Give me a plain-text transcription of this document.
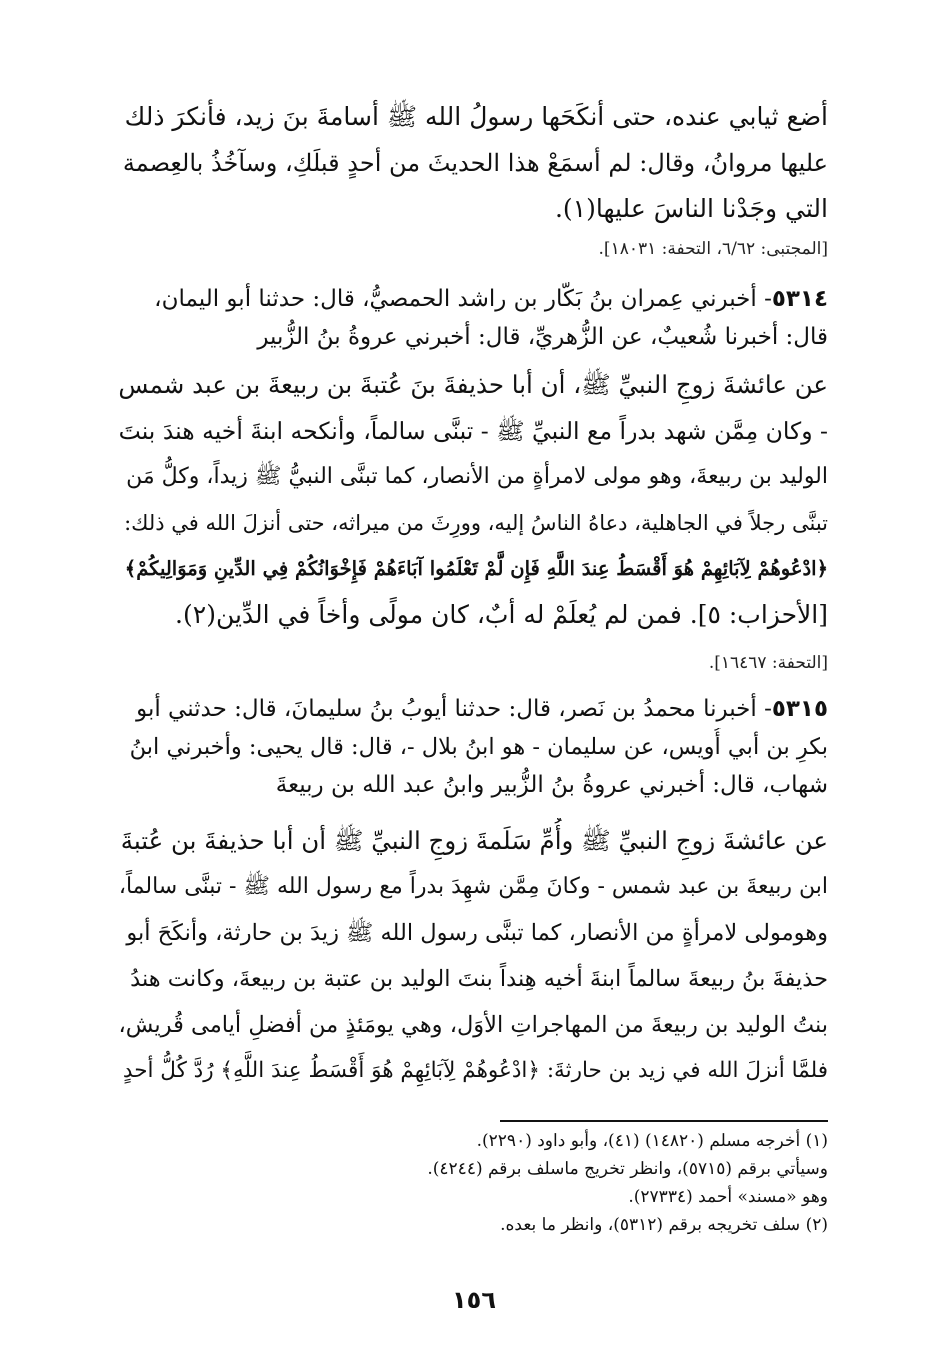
أضع ثيابي عنده، حتى أنكَحَها رسولُ الله ﷺ أسامةَ بنَ زيد، فأنكرَ ذلك
عليها مروانُ، وقال: لم أسمَعْ هذا الحديثَ من أحدٍ قبلَكِ، وسآخُذُ بالعِصمة
التي وجَدْنا الناسَ عليها(١).
[المجتبى: ٦/٦٢، التحفة: ١٨٠٣١].
٥٣١٤- أخبرني عِمران بنُ بَكّار بن راشد الحمصيُّ، قال: حدثنا أبو اليمان،
قال: أخبرنا شُعيبٌ، عن الزُّهريِّ، قال: أخبرني عروةُ بنُ الزُّبير
عن عائشةَ زوجِ النبيِّ ﷺ، أن أبا حذيفةَ بنَ عُتبةَ بن ربيعةَ بن عبد شمس
- وكان مِمَّن شهد بدراً مع النبيِّ ﷺ - تبنَّى سالماً، وأنكحه ابنةَ أخيه هندَ بنتَ
الوليد بن ربيعةَ، وهو مولى لامرأةٍ من الأنصار، كما تبنَّى النبيُّ ﷺ زيداً، وكلُّ مَن
تبنَّى رجلاً في الجاهلية، دعاهُ الناسُ إليه، وورِثَ من ميراثه، حتى أنزلَ الله في ذلك:
﴿ادْعُوهُمْ لِآبَائِهِمْ هُوَ أَقْسَطُ عِندَ اللَّهِ فَإِن لَّمْ تَعْلَمُوا آبَاءَهُمْ فَإِخْوَانُكُمْ فِي الدِّينِ وَمَوَالِيكُمْ﴾
[الأحزاب: ٥]. فمن لم يُعلَمْ له أبٌ، كان مولًى وأخاً في الدِّين(٢).
[التحفة: ١٦٤٦٧].
٥٣١٥- أخبرنا محمدُ بن نَصر، قال: حدثنا أيوبُ بنُ سليمانَ، قال: حدثني أبو
بكرِ بن أبي أُويس، عن سليمان - هو ابنُ بلال -، قال: قال يحيى: وأخبرني ابنُ
شهاب، قال: أخبرني عروةُ بنُ الزُّبير وابنُ عبد الله بن ربيعةَ
عن عائشةَ زوجِ النبيِّ ﷺ وأُمِّ سَلَمةَ زوجِ النبيِّ ﷺ أن أبا حذيفةَ بن عُتبةَ
ابن ربيعةَ بن عبد شمس - وكانَ مِمَّن شهِدَ بدراً مع رسول الله ﷺ - تبنَّى سالماً،
وهومولى لامرأةٍ من الأنصار، كما تبنَّى رسول الله ﷺ زيدَ بن حارثة، وأنكَحَ أبو
حذيفةَ بنُ ربيعةَ سالماً ابنةَ أخيه هِنداً بنتَ الوليد بن عتبة بن ربيعةَ، وكانت هندُ
بنتُ الوليد بن ربيعةَ من المهاجراتِ الأوَل، وهي يومَئذٍ من أفضلِ أيامى قُريش،
فلمَّا أنزلَ الله في زيد بن حارثةَ: ﴿ادْعُوهُمْ لِآبَائِهِمْ هُوَ أَقْسَطُ عِندَ اللَّهِ﴾ رُدَّ كُلُّ أحدٍ
(١) أخرجه مسلم (١٤٨٢٠) (٤١)، وأبو داود (٢٢٩٠).
وسيأتي برقم (٥٧١٥)، وانظر تخريج ماسلف برقم (٤٢٤٤).
وهو «مسند» أحمد (٢٧٣٣٤).
(٢) سلف تخريجه برقم (٥٣١٢)، وانظر ما بعده.
١٥٦
